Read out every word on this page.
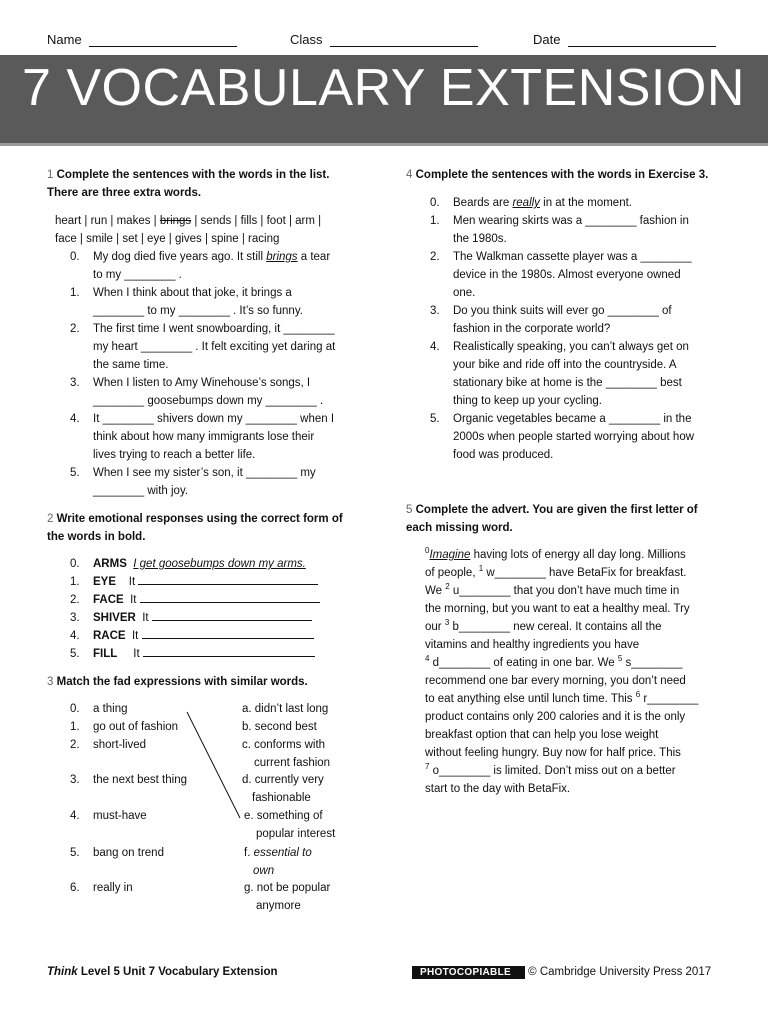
Name	Class	Date
7 VOCABULARY EXTENSION
1 Complete the sentences with the words in the list.
There are three extra words.
heart | run | makes | brings | sends | fills | foot | arm |
face | smile | set | eye | gives | spine | racing
0.	My dog died five years ago. It still brings a tear
to my ________ .
1.	When I think about that joke, it brings a
________ to my ________ . It’s so funny.
2.	The first time I went snowboarding, it ________
my heart ________ . It felt exciting yet daring at
the same time.
3.	When I listen to Amy Winehouse’s songs, I
________ goosebumps down my ________ .
4.	It ________ shivers down my ________ when I
think about how many immigrants lose their
lives trying to reach a better life.
5.	When I see my sister’s son, it ________ my
________ with joy.
2 Write emotional responses using the correct form of
the words in bold.
0.	ARMS I get goosebumps down my arms.
1.	EYE It
2.	FACE It
3.	SHIVER It
4.	RACE It
5.	FILL It
3 Match the fad expressions with similar words.
0.	a thing
1.	go out of fashion
2.	short-lived
3.	the next best thing
4.	must-have
5.	bang on trend
6.	really in
a. didn’t last long
b. second best
c. conforms with
current fashion
d. currently very
fashionable
e. something of
popular interest
f. essential to
own
g. not be popular
anymore
4 Complete the sentences with the words in Exercise 3.
0.	Beards are really in at the moment.
1.	Men wearing skirts was a ________ fashion in
the 1980s.
2.	The Walkman cassette player was a ________
device in the 1980s. Almost everyone owned
one.
3.	Do you think suits will ever go ________ of
fashion in the corporate world?
4.	Realistically speaking, you can’t always get on
your bike and ride off into the countryside. A
stationary bike at home is the ________ best
thing to keep up your cycling.
5.	Organic vegetables became a ________ in the
2000s when people started worrying about how
food was produced.
5 Complete the advert. You are given the first letter of
each missing word.
$^0$Imagine having lots of energy all day long. Millions
of people, $^1$ w________ have BetaFix for breakfast.
We $^2$ u________ that you don’t have much time in
the morning, but you want to eat a healthy meal. Try
our $^3$ b________ new cereal. It contains all the
vitamins and healthy ingredients you have
$^4$ d________ of eating in one bar. We $^5$ s________
recommend one bar every morning, you don’t need
to eat anything else until lunch time. This $^6$ r________
product contains only 200 calories and it is the only
breakfast option that can help you lose weight
without feeling hungry. Buy now for half price. This
$^7$ o________ is limited. Don’t miss out on a better
start to the day with BetaFix.
Think Level 5 Unit 7 Vocabulary Extension	PHOTOCOPIABLE © Cambridge University Press 2017
